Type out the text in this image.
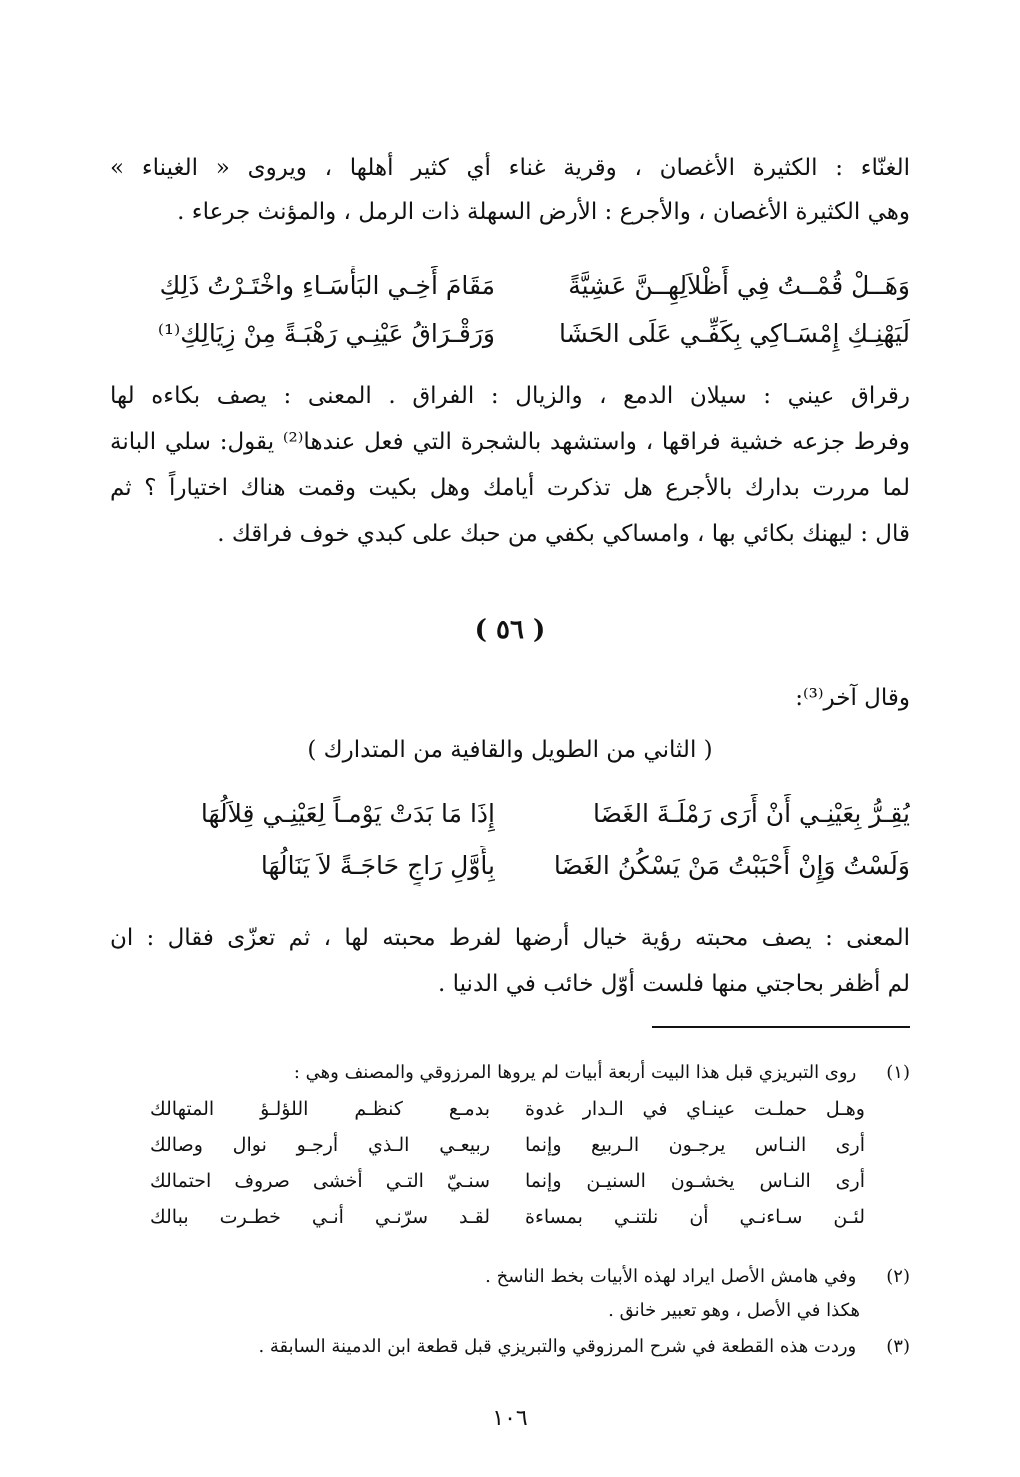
الغنّاء : الكثيرة الأغصان ، وقرية غناء أي كثير أهلها ، ويروى « الغيناء »
وهي الكثيرة الأغصان ، والأجرع : الأرض السهلة ذات الرمل ، والمؤنث جرعاء .
وَهَــلْ قُمْــتُ فِي أَظْلاَلِهِــنَّ عَشِيَّةً
مَقَامَ أَخِـي البَأْسَـاءِ واخْتَـرْتُ ذَلِكِ
لَيَهْنِـكِ إِمْسَـاكِي بِكَفِّـي عَلَى الحَشَا
وَرَقْـرَاقُ عَيْنِـي رَهْبَـةً مِنْ زِيَالِكِ⁽¹⁾
رقراق عيني : سيلان الدمع ، والزيال : الفراق . المعنى : يصف بكاءه لها
وفرط جزعه خشية فراقها ، واستشهد بالشجرة التي فعل عندها⁽²⁾ يقول: سلي البانة
لما مررت بدارك بالأجرع هل تذكرت أيامك وهل بكيت وقمت هناك اختياراً ؟ ثم
قال : ليهنك بكائي بها ، وامساكي بكفي من حبك على كبدي خوف فراقك .
( ٥٦ )
وقال آخر⁽³⁾:
( الثاني من الطويل والقافية من المتدارك )
يُقِـرُّ بِعَيْنِـي أَنْ أَرَى رَمْلَـةَ الغَضَا
إِذَا مَا بَدَتْ يَوْمـاً لِعَيْنِـي قِلاَلُهَا
وَلَسْتُ وَإِنْ أَحْبَبْتُ مَنْ يَسْكُنُ الغَضَا
بِأَوَّلِ رَاجٍ حَاجَـةً لاَ يَنَالُهَا
المعنى : يصف محبته رؤية خيال أرضها لفرط محبته لها ، ثم تعزّى فقال : ان
لم أظفر بحاجتي منها فلست أوّل خائب في الدنيا .
(١) روى التبريزي قبل هذا البيت أربعة أبيات لم يروها المرزوقي والمصنف وهي :
وهـل حملـت عينـاي في الـدار غدوة
بدمـع كنظـم اللؤلـؤ المتهالك
أرى النـاس يرجـون الـربيع وإنما
ربيعـي الـذي أرجـو نوال وصالك
أرى النـاس يخشـون السنيـن وإنما
سنـيّ التـي أخشى صروف احتمالك
لئـن سـاءنـي أن نلتنـي بمساءة
لقـد سرّنـي أنـي خطـرت ببالك
(٢) وفي هامش الأصل ايراد لهذه الأبيات بخط الناسخ .
هكذا في الأصل ، وهو تعبير خانق .
(٣) وردت هذه القطعة في شرح المرزوقي والتبريزي قبل قطعة ابن الدمينة السابقة .
١٠٦
